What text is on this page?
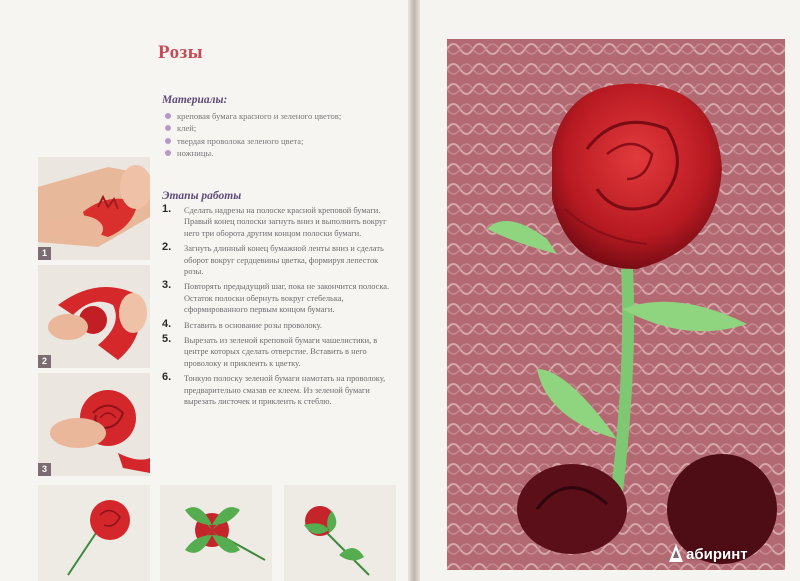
Розы
Материалы:
креповая бумага красного и зеленого цветов;
клей;
твердая проволока зеленого цвета;
ножницы.
Этапы работы
1. Сделать надрезы на полоске красной креповой бумаги. Правый конец полоски загнуть вниз и выполнить вокруг него три оборота другим концом полоски бумаги.
2. Загнуть длинный конец бумажной ленты вниз и сделать оборот вокруг сердцевины цветка, формируя лепесток розы.
3. Повторять предыдущий шаг, пока не закончится полоска. Остаток полоски обернуть вокруг стебелька, сформированного первым концом бумаги.
4. Вставить в основание розы проволоку.
5. Вырезать из зеленой креповой бумаги чашелистики, в центре которых сделать отверстие. Вставить в него проволоку и приклеить к цветку.
6. Тонкую полоску зеленой бумаги намотать на проволоку, предварительно смазав ее клеем. Из зеленой бумаги вырезать листочек и приклеить к стеблю.
1
2
3
абиринт
